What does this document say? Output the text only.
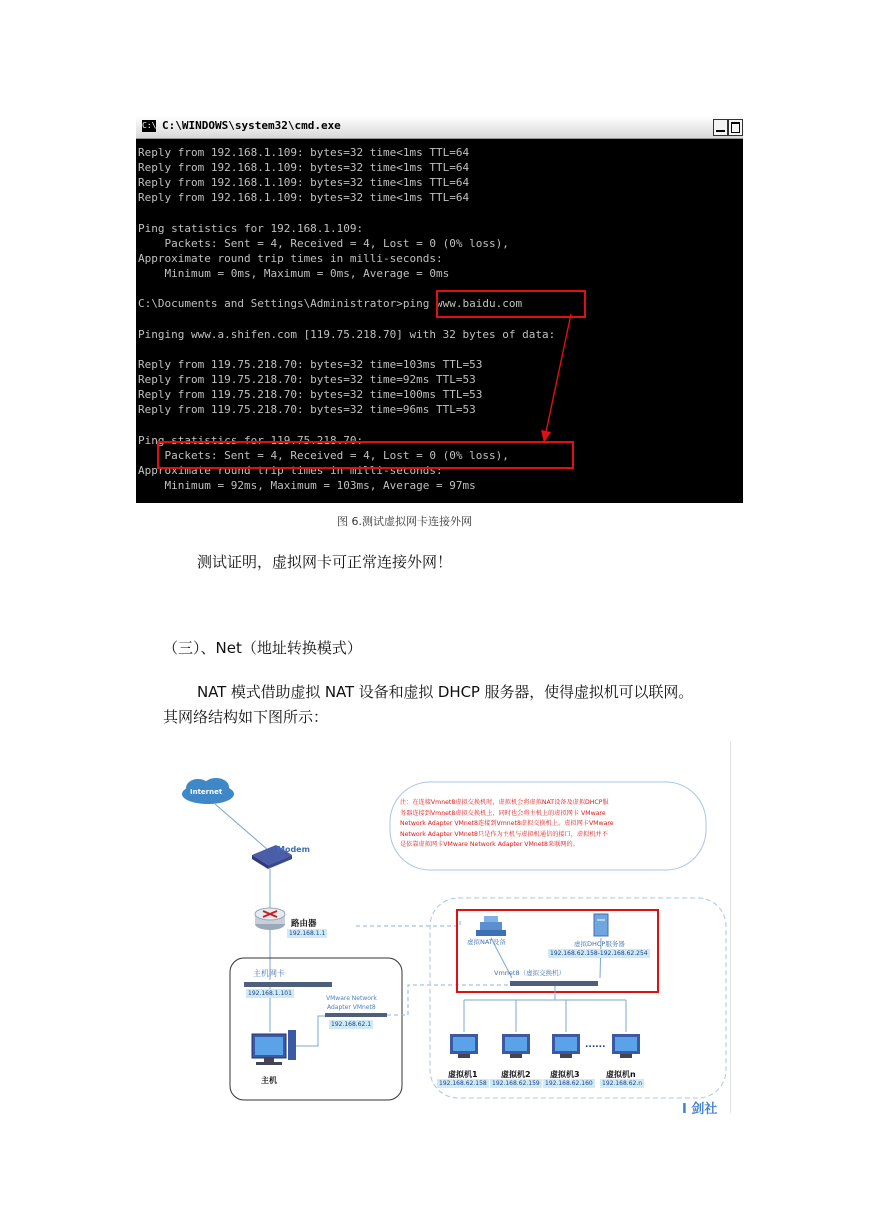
C:\ C:\WINDOWS\system32\cmd.exe
Reply from 192.168.1.109: bytes=32 time<1ms TTL=64
Reply from 192.168.1.109: bytes=32 time<1ms TTL=64
Reply from 192.168.1.109: bytes=32 time<1ms TTL=64
Reply from 192.168.1.109: bytes=32 time<1ms TTL=64
Ping statistics for 192.168.1.109:
Packets: Sent = 4, Received = 4, Lost = 0 (0% loss),
Approximate round trip times in milli-seconds:
Minimum = 0ms, Maximum = 0ms, Average = 0ms
C:\Documents and Settings\Administrator>ping www.baidu.com
Pinging www.a.shifen.com [119.75.218.70] with 32 bytes of data:
Reply from 119.75.218.70: bytes=32 time=103ms TTL=53
Reply from 119.75.218.70: bytes=32 time=92ms TTL=53
Reply from 119.75.218.70: bytes=32 time=100ms TTL=53
Reply from 119.75.218.70: bytes=32 time=96ms TTL=53
Ping statistics for 119.75.218.70:
Packets: Sent = 4, Received = 4, Lost = 0 (0% loss),
Approximate round trip times in milli-seconds:
Minimum = 92ms, Maximum = 103ms, Average = 97ms
图 6.测试虚拟网卡连接外网
测试证明，虚拟网卡可正常连接外网！
（三）、Net（地址转换模式）
NAT 模式借助虚拟 NAT 设备和虚拟 DHCP 服务器，使得虚拟机可以联网。
其网络结构如下图所示：
Internet
Modem
路由器
192.168.1.1
主机网卡
192.168.1.101
VMware Network
Adapter VMnet8
192.168.62.1
主机
虚拟NAT设备	虚拟DHCP服务器
192.168.62.158-192.168.62.254
Vmnet8（虚拟交换机）
虚拟机1
192.168.62.158
虚拟机2
192.168.62.159
虚拟机3
192.168.62.160
虚拟机n
192.168.62.n
......
注：在连接Vmnet8虚拟交换机时，虚拟机会将虚拟NAT设备及虚拟DHCP服
务器连接到Vmnet8虚拟交换机上，同时也会将主机上的虚拟网卡 VMware
Network Adapter VMnet8连接到Vmnet8虚拟交换机上。虚拟网卡VMware
Network Adapter VMnet8只是作为主机与虚拟机通信的接口，虚拟机并不
是依靠虚拟网卡VMware Network Adapter VMnet8来联网的。
I 剑社
